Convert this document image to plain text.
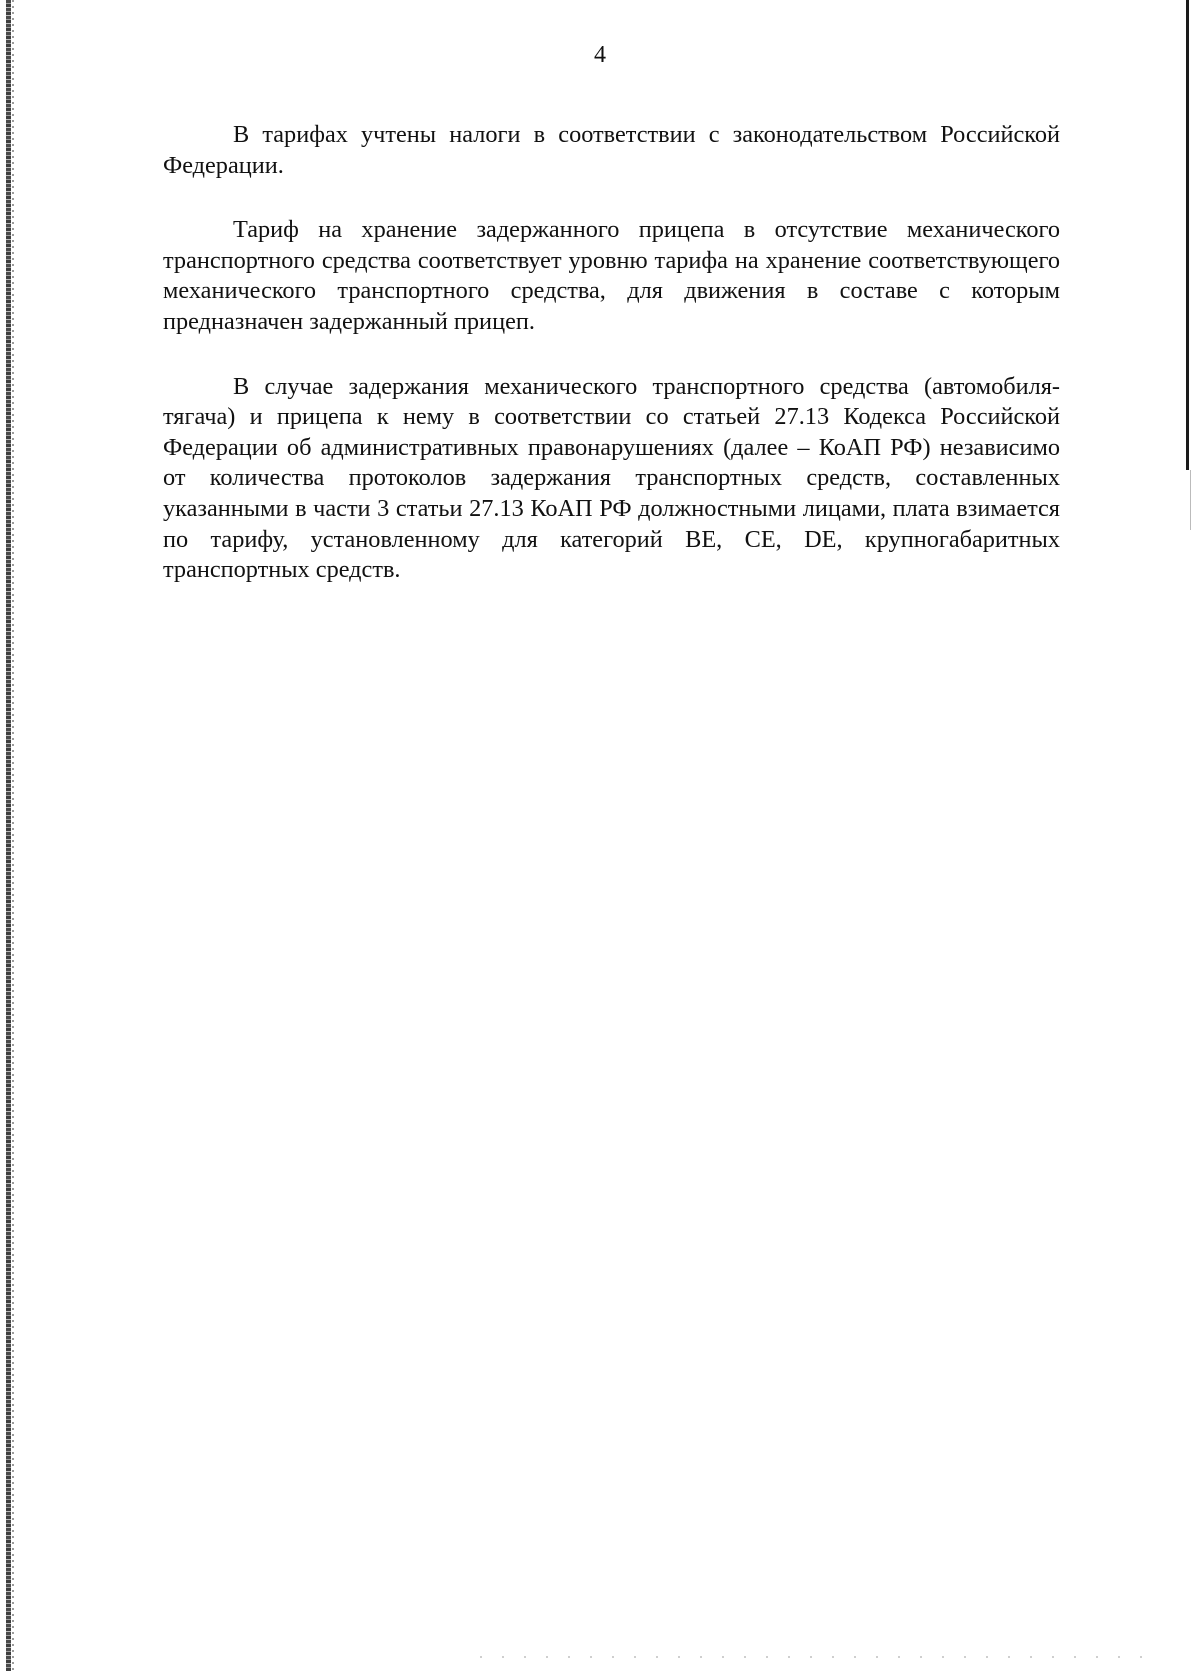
4

В тарифах учтены налоги в соответствии с законодательством Российской Федерации.

Тариф на хранение задержанного прицепа в отсутствие механического транспортного средства соответствует уровню тарифа на хранение соответствующего механического транспортного средства, для движения в составе с которым предназначен задержанный прицеп.

В случае задержания механического транспортного средства (автомобиля-тягача) и прицепа к нему в соответствии со статьей 27.13 Кодекса Российской Федерации об административных правонарушениях (далее – КоАП РФ) независимо от количества протоколов задержания транспортных средств, составленных указанными в части 3 статьи 27.13 КоАП РФ должностными лицами, плата взимается по тарифу, установленному для категорий BE, CE, DE, крупногабаритных транспортных средств.
